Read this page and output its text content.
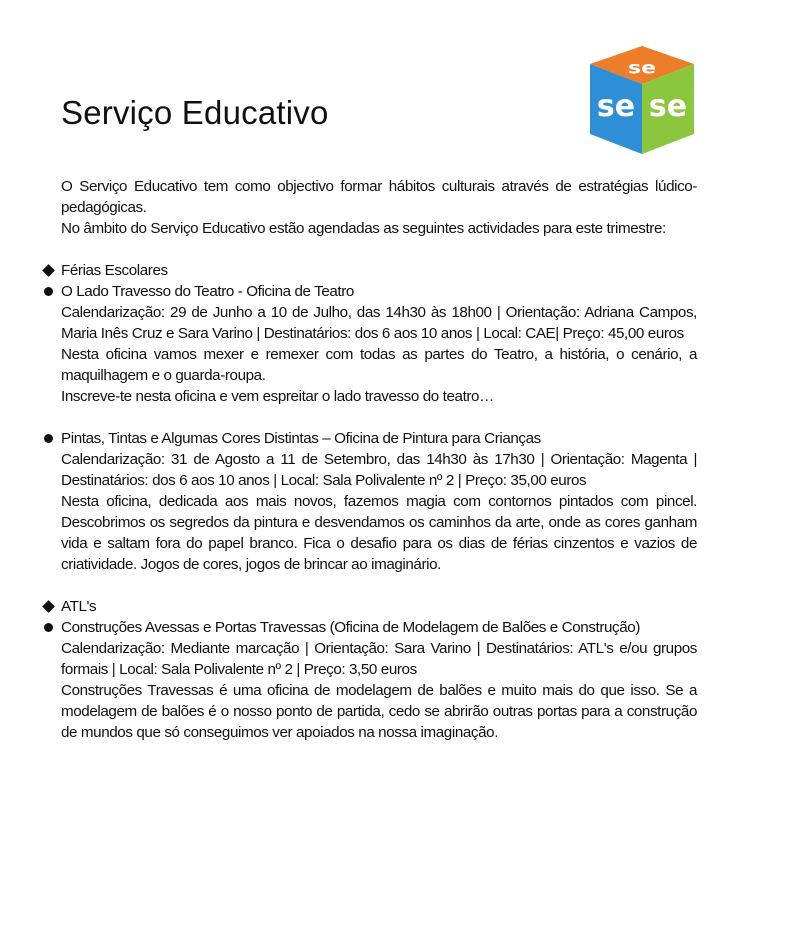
Serviço Educativo
se
se se

O Serviço Educativo tem como objectivo formar hábitos culturais através de estratégias lúdico-pedagógicas.

No âmbito do Serviço Educativo estão agendadas as seguintes actividades para este trimestre:

Férias Escolares

O Lado Travesso do Teatro - Oficina de Teatro

Calendarização: 29 de Junho a 10 de Julho, das 14h30 às 18h00 | Orientação: Adriana Campos, Maria Inês Cruz e Sara Varino | Destinatários: dos 6 aos 10 anos | Local: CAE| Preço: 45,00 euros

Nesta oficina vamos mexer e remexer com todas as partes do Teatro, a história, o cenário, a maquilhagem e o guarda-roupa.

Inscreve-te nesta oficina e vem espreitar o lado travesso do teatro…

Pintas, Tintas e Algumas Cores Distintas – Oficina de Pintura para Crianças

Calendarização: 31 de Agosto a 11 de Setembro, das 14h30 às 17h30 | Orientação: Magenta | Destinatários: dos 6 aos 10 anos | Local: Sala Polivalente nº 2 | Preço: 35,00 euros

Nesta oficina, dedicada aos mais novos, fazemos magia com contornos pintados com pincel. Descobrimos os segredos da pintura e desvendamos os caminhos da arte, onde as cores ganham vida e saltam fora do papel branco. Fica o desafio para os dias de férias cinzentos e vazios de criatividade. Jogos de cores, jogos de brincar ao imaginário.

ATL's

Construções Avessas e Portas Travessas (Oficina de Modelagem de Balões e Construção)

Calendarização: Mediante marcação | Orientação: Sara Varino | Destinatários: ATL's e/ou grupos formais | Local: Sala Polivalente nº 2 | Preço: 3,50 euros

Construções Travessas é uma oficina de modelagem de balões e muito mais do que isso. Se a modelagem de balões é o nosso ponto de partida, cedo se abrirão outras portas para a construção de mundos que só conseguimos ver apoiados na nossa imaginação.
